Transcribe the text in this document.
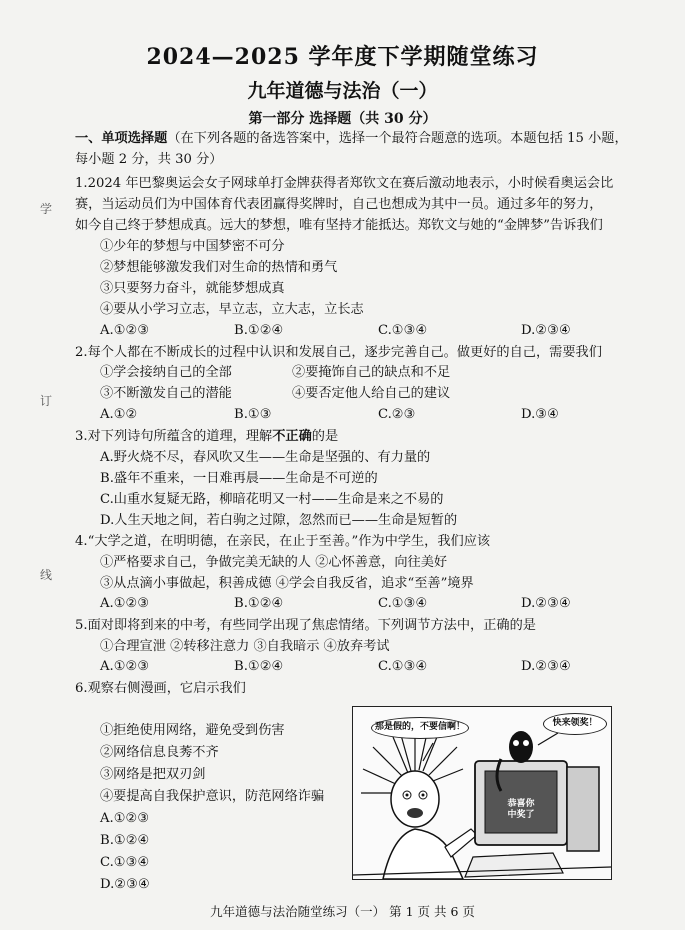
2024—2025 学年度下学期随堂练习
九年道德与法治（一）
第一部分 选择题（共 30 分）
学
订
线
一、单项选择题（在下列各题的备选答案中，选择一个最符合题意的选项。本题包括 15 小题，
每小题 2 分，共 30 分）
1.2024 年巴黎奥运会女子网球单打金牌获得者郑钦文在赛后激动地表示，小时候看奥运会比
赛，当运动员们为中国体育代表团赢得奖牌时，自己也想成为其中一员。通过多年的努力，
如今自己终于梦想成真。远大的梦想，唯有坚持才能抵达。郑钦文与她的“金牌梦”告诉我们
①少年的梦想与中国梦密不可分
②梦想能够激发我们对生命的热情和勇气
③只要努力奋斗，就能梦想成真
④要从小学习立志，早立志，立大志，立长志
A.①②③	B.①②④	C.①③④	D.②③④
2.每个人都在不断成长的过程中认识和发展自己，逐步完善自己。做更好的自己，需要我们
①学会接纳自己的全部	②要掩饰自己的缺点和不足
③不断激发自己的潜能	④要否定他人给自己的建议
A.①②	B.①③	C.②③	D.③④
3.对下列诗句所蕴含的道理，理解不正确的是
A.野火烧不尽，春风吹又生——生命是坚强的、有力量的
B.盛年不重来，一日难再晨——生命是不可逆的
C.山重水复疑无路，柳暗花明又一村——生命是来之不易的
D.人生天地之间，若白驹之过隙，忽然而已——生命是短暂的
4.“大学之道，在明明德，在亲民，在止于至善。”作为中学生，我们应该
①严格要求自己，争做完美无缺的人 ②心怀善意，向往美好
③从点滴小事做起，积善成德 ④学会自我反省，追求“至善”境界
A.①②③	B.①②④	C.①③④	D.②③④
5.面对即将到来的中考，有些同学出现了焦虑情绪。下列调节方法中，正确的是
①合理宣泄 ②转移注意力 ③自我暗示 ④放弃考试
A.①②③	B.①②④	C.①③④	D.②③④
6.观察右侧漫画，它启示我们
①拒绝使用网络，避免受到伤害
②网络信息良莠不齐
③网络是把双刃剑
④要提高自我保护意识，防范网络诈骗
A.①②③
B.①②④
C.①③④
D.②③④
那是假的，不要信啊！	快来领奖！
恭喜你
中奖了
九年道德与法治随堂练习（一） 第 1 页 共 6 页
